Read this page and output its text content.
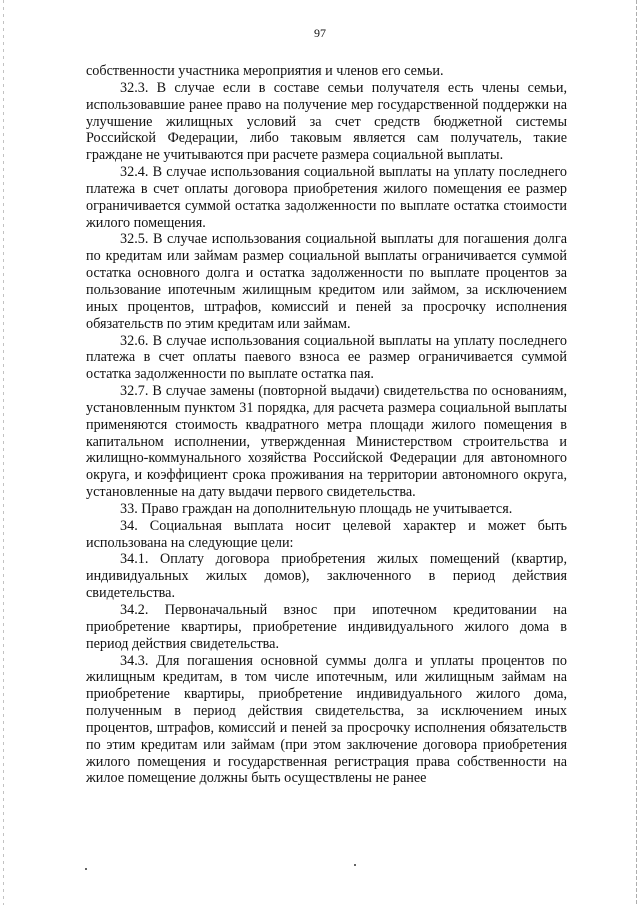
97

собственности участника мероприятия и членов его семьи.

32.3. В случае если в составе семьи получателя есть члены семьи, использовавшие ранее право на получение мер государственной поддержки на улучшение жилищных условий за счет средств бюджетной системы Российской Федерации, либо таковым является сам получатель, такие граждане не учитываются при расчете размера социальной выплаты.

32.4. В случае использования социальной выплаты на уплату последнего платежа в счет оплаты договора приобретения жилого помещения ее размер ограничивается суммой остатка задолженности по выплате остатка стоимости жилого помещения.

32.5. В случае использования социальной выплаты для погашения долга по кредитам или займам размер социальной выплаты ограничивается суммой остатка основного долга и остатка задолженности по выплате процентов за пользование ипотечным жилищным кредитом или займом, за исключением иных процентов, штрафов, комиссий и пеней за просрочку исполнения обязательств по этим кредитам или займам.

32.6. В случае использования социальной выплаты на уплату последнего платежа в счет оплаты паевого взноса ее размер ограничивается суммой остатка задолженности по выплате остатка пая.

32.7. В случае замены (повторной выдачи) свидетельства по основаниям, установленным пунктом 31 порядка, для расчета размера социальной выплаты применяются стоимость квадратного метра площади жилого помещения в капитальном исполнении, утвержденная Министерством строительства и жилищно-коммунального хозяйства Российской Федерации для автономного округа, и коэффициент срока проживания на территории автономного округа, установленные на дату выдачи первого свидетельства.

33. Право граждан на дополнительную площадь не учитывается.

34. Социальная выплата носит целевой характер и может быть использована на следующие цели:

34.1. Оплату договора приобретения жилых помещений (квартир, индивидуальных жилых домов), заключенного в период действия свидетельства.

34.2. Первоначальный взнос при ипотечном кредитовании на приобретение квартиры, приобретение индивидуального жилого дома в период действия свидетельства.

34.3. Для погашения основной суммы долга и уплаты процентов по жилищным кредитам, в том числе ипотечным, или жилищным займам на приобретение квартиры, приобретение индивидуального жилого дома, полученным в период действия свидетельства, за исключением иных процентов, штрафов, комиссий и пеней за просрочку исполнения обязательств по этим кредитам или займам (при этом заключение договора приобретения жилого помещения и государственная регистрация права собственности на жилое помещение должны быть осуществлены не ранее
